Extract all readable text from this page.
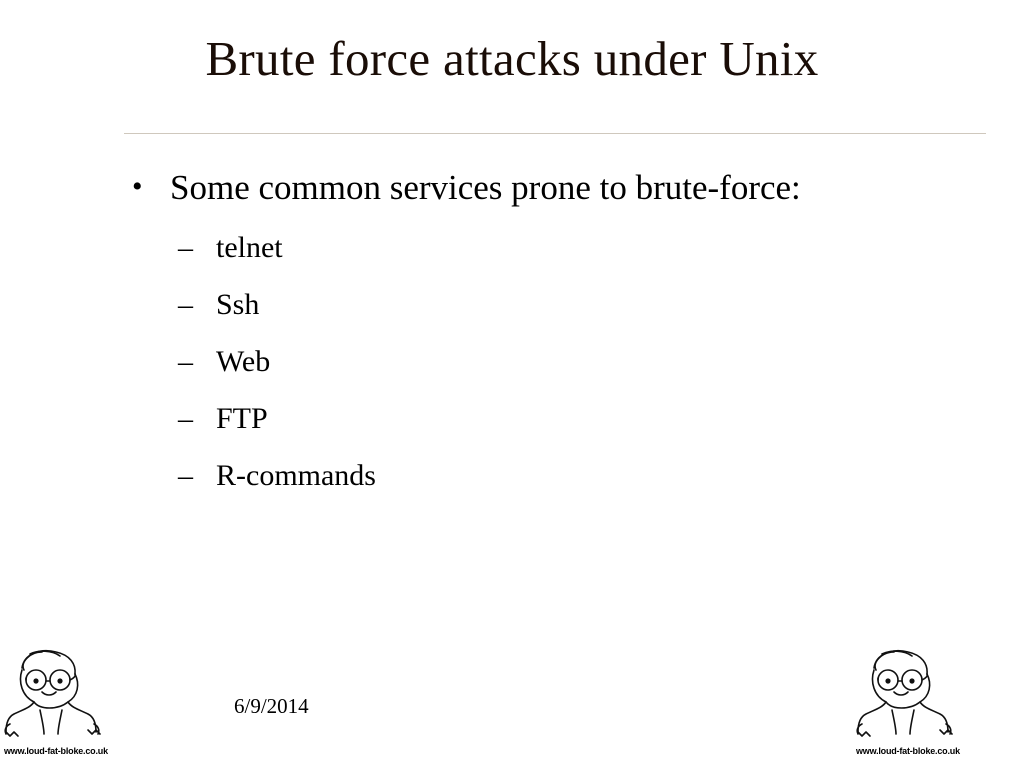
Brute force attacks under Unix
• Some common services prone to brute-force:
– telnet
– Ssh
– Web
– FTP
– R-commands
6/9/2014
www.loud-fat-bloke.co.uk	www.loud-fat-bloke.co.uk
